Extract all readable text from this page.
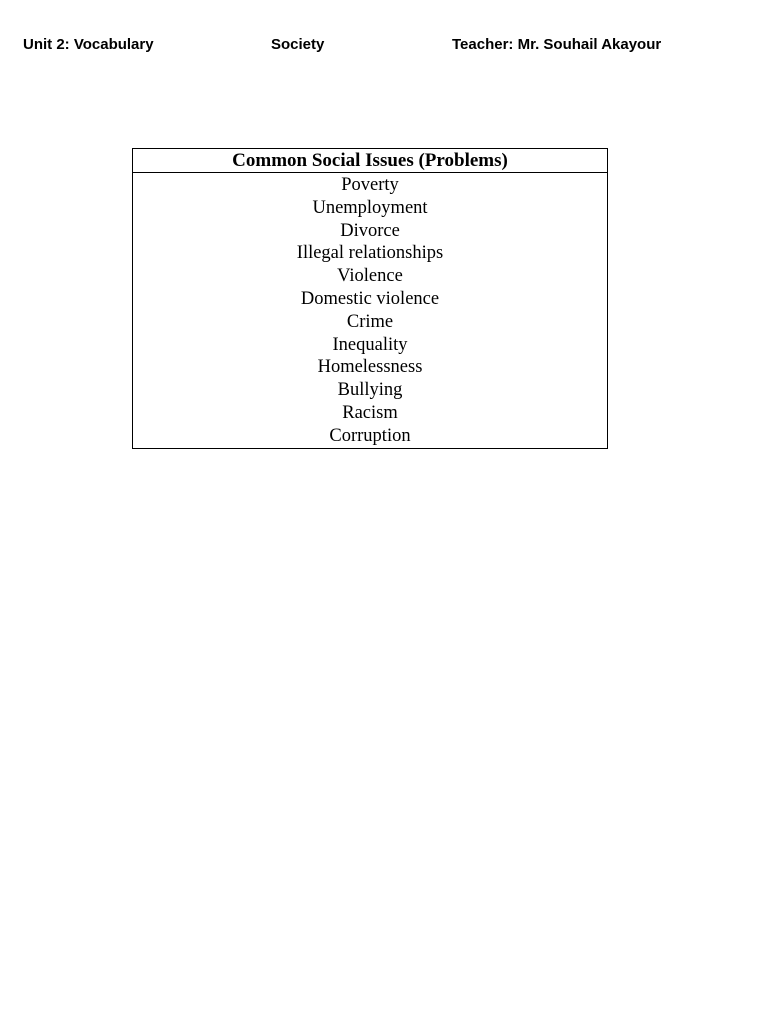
Unit 2: Vocabulary	Society	Teacher: Mr. Souhail Akayour
Common Social Issues (Problems)
Poverty
Unemployment
Divorce
Illegal relationships
Violence
Domestic violence
Crime
Inequality
Homelessness
Bullying
Racism
Corruption
